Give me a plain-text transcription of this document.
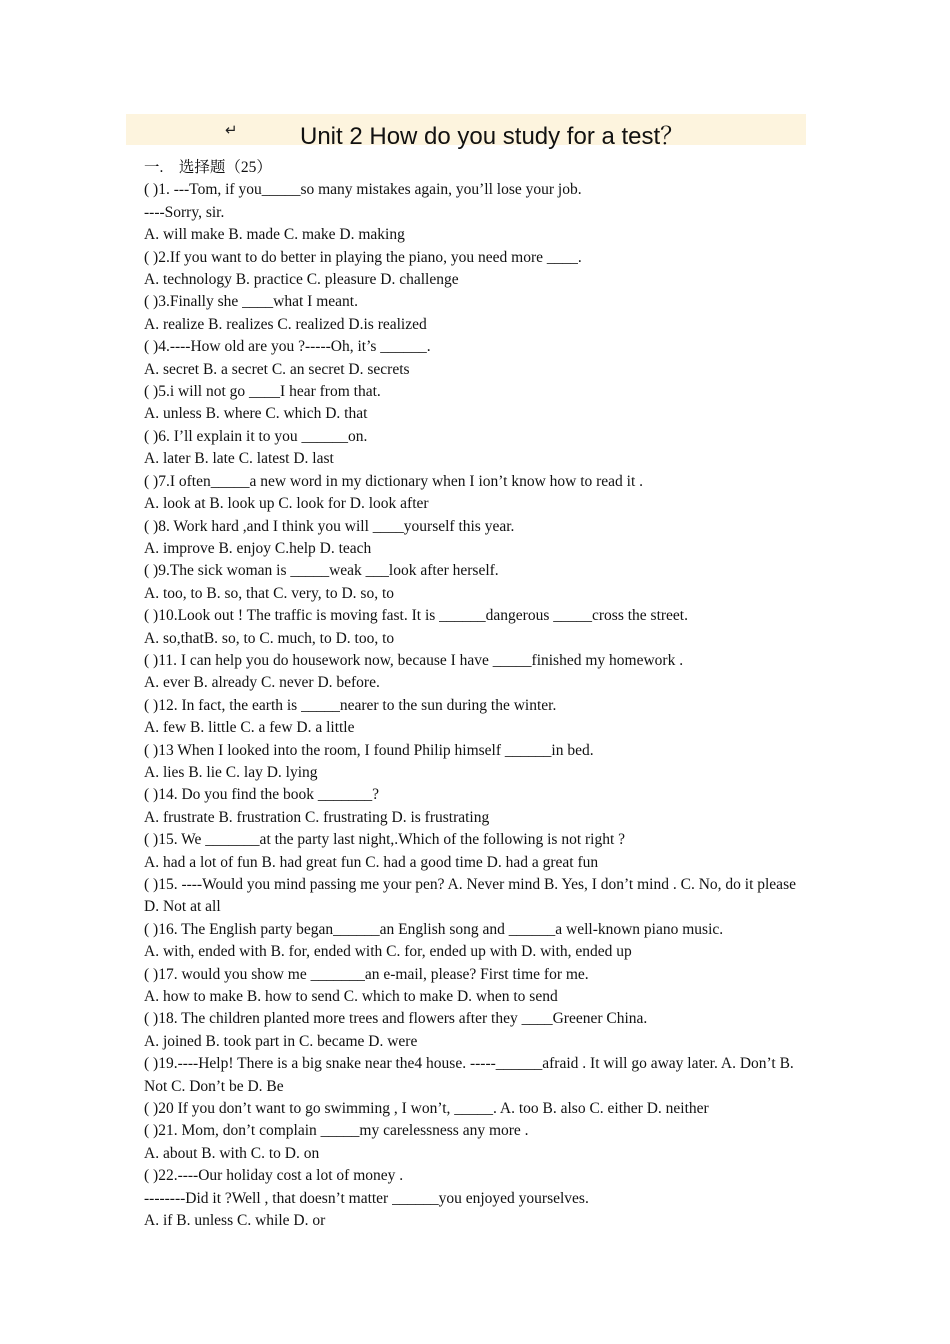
↵	Unit 2 How do you study for a test？
一.　选择题（25）
( )1. ---Tom, if you_____so many mistakes again, you’ll lose your job.
----Sorry, sir.
A. will make B. made C. make D. making
( )2.If you want to do better in playing the piano, you need more ____.
A. technology B. practice C. pleasure D. challenge
( )3.Finally she ____what I meant.
A. realize B. realizes C. realized D.is realized
( )4.----How old are you ?-----Oh, it’s ______.
A. secret B. a secret C. an secret D. secrets
( )5.i will not go ____I hear from that.
A. unless B. where C. which D. that
( )6. I’ll explain it to you ______on.
A. later B. late C. latest D. last
( )7.I often_____a new word in my dictionary when I ion’t know how to read it .
A. look at B. look up C. look for D. look after
( )8. Work hard ,and I think you will ____yourself this year.
A. improve B. enjoy C.help D. teach
( )9.The sick woman is _____weak ___look after herself.
A. too, to B. so, that C. very, to D. so, to
( )10.Look out ! The traffic is moving fast. It is ______dangerous _____cross the street.
A. so,thatB. so, to C. much, to D. too, to
( )11. I can help you do housework now, because I have _____finished my homework .
A. ever B. already C. never D. before.
( )12. In fact, the earth is _____nearer to the sun during the winter.
A. few B. little C. a few D. a little
( )13 When I looked into the room, I found Philip himself ______in bed.
A. lies B. lie C. lay D. lying
( )14. Do you find the book _______?
A. frustrate B. frustration C. frustrating D. is frustrating
( )15. We _______at the party last night,.Which of the following is not right ?
A. had a lot of fun B. had great fun C. had a good time D. had a great fun
( )15. ----Would you mind passing me your pen? A. Never mind B. Yes, I don’t mind . C. No, do it please D. Not at all
( )16. The English party began______an English song and ______a well-known piano music.
A. with, ended with B. for, ended with C. for, ended up with D. with, ended up
( )17. would you show me _______an e-mail, please? First time for me.
A. how to make B. how to send C. which to make D. when to send
( )18. The children planted more trees and flowers after they ____Greener China.
A. joined B. took part in C. became D. were
( )19.----Help! There is a big snake near the4 house. -----______afraid . It will go away later. A. Don’t B. Not C. Don’t be D. Be
( )20 If you don’t want to go swimming , I won’t, _____. A. too B. also C. either D. neither
( )21. Mom, don’t complain _____my carelessness any more .
A. about B. with C. to D. on
( )22.----Our holiday cost a lot of money .
--------Did it ?Well , that doesn’t matter ______you enjoyed yourselves.
A. if B. unless C. while D. or
